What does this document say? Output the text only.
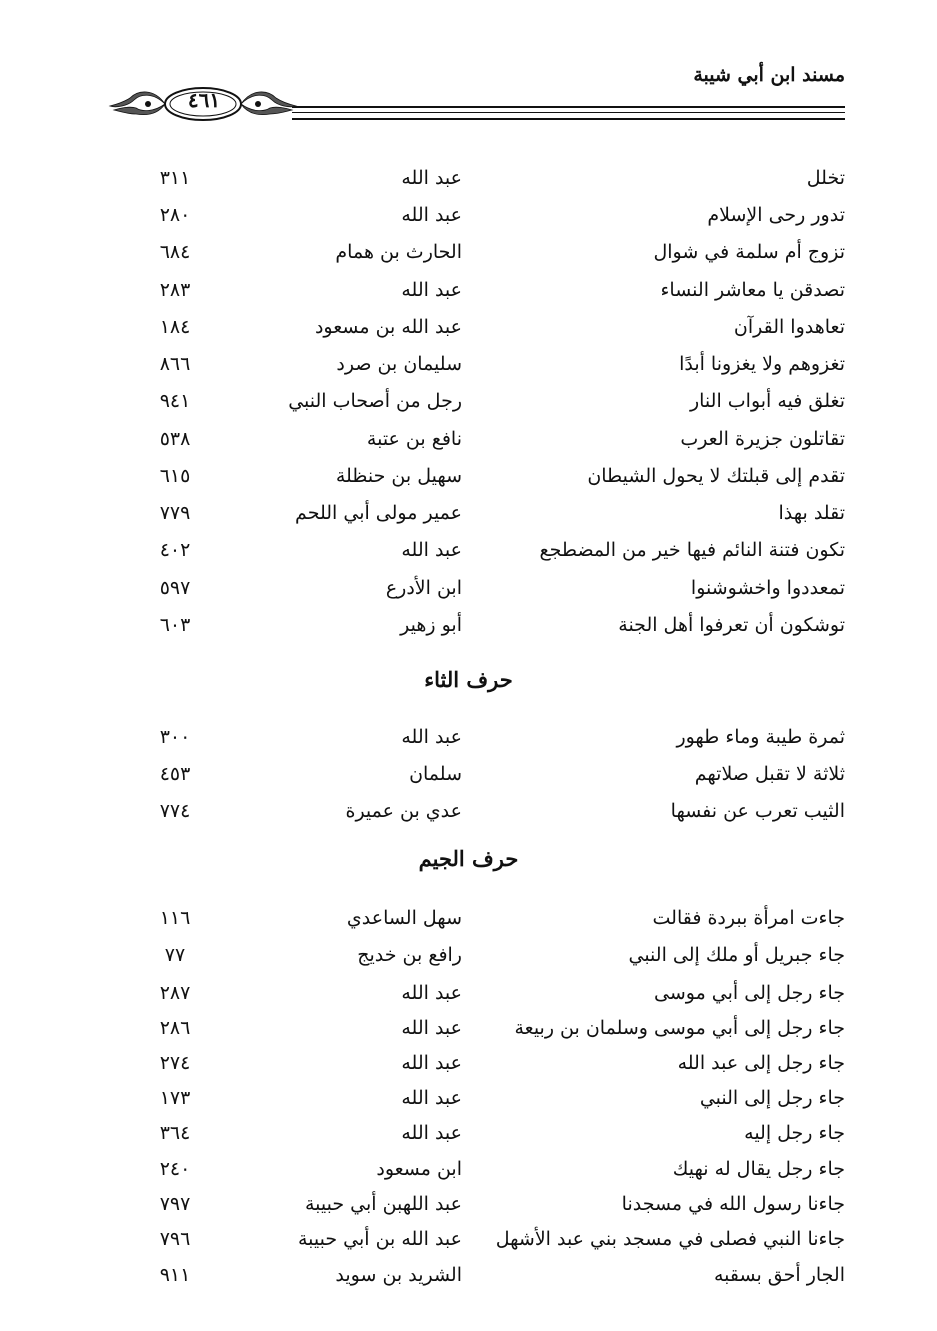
مسند ابن أبي شيبة
٤٦١
تخلل
عبد الله
٣١١
تدور رحى الإسلام
عبد الله
٢٨٠
تزوج أم سلمة في شوال
الحارث بن همام
٦٨٤
تصدقن يا معاشر النساء
عبد الله
٢٨٣
تعاهدوا القرآن
عبد الله بن مسعود
١٨٤
تغزوهم ولا يغزونا أبدًا
سليمان بن صرد
٨٦٦
تغلق فيه أبواب النار
رجل من أصحاب النبي
٩٤١
تقاتلون جزيرة العرب
نافع بن عتبة
٥٣٨
تقدم إلى قبلتك لا يحول الشيطان
سهيل بن حنظلة
٦١٥
تقلد بهذا
عمير مولى أبي اللحم
٧٧٩
تكون فتنة النائم فيها خير من المضطجع
عبد الله
٤٠٢
تمعددوا واخشوشنوا
ابن الأدرع
٥٩٧
توشكون أن تعرفوا أهل الجنة
أبو زهير
٦٠٣
حرف الثاء
ثمرة طيبة وماء طهور
عبد الله
٣٠٠
ثلاثة لا تقبل صلاتهم
سلمان
٤٥٣
الثيب تعرب عن نفسها
عدي بن عميرة
٧٧٤
حرف الجيم
جاءت امرأة ببردة فقالت
سهل الساعدي
١١٦
جاء جبريل أو ملك إلى النبي
رافع بن خديج
٧٧
جاء رجل إلى أبي موسى
عبد الله
٢٨٧
جاء رجل إلى أبي موسى وسلمان بن ربيعة
عبد الله
٢٨٦
جاء رجل إلى عبد الله
عبد الله
٢٧٤
جاء رجل إلى النبي
عبد الله
١٧٣
جاء رجل إليه
عبد الله
٣٦٤
جاء رجل يقال له نهيك
ابن مسعود
٢٤٠
جاءنا رسول الله في مسجدنا
عبد اللهبن أبي حبيبة
٧٩٧
جاءنا النبي فصلى في مسجد بني عبد الأشهل
عبد الله بن أبي حبيبة
٧٩٦
الجار أحق بسقبه
الشريد بن سويد
٩١١
